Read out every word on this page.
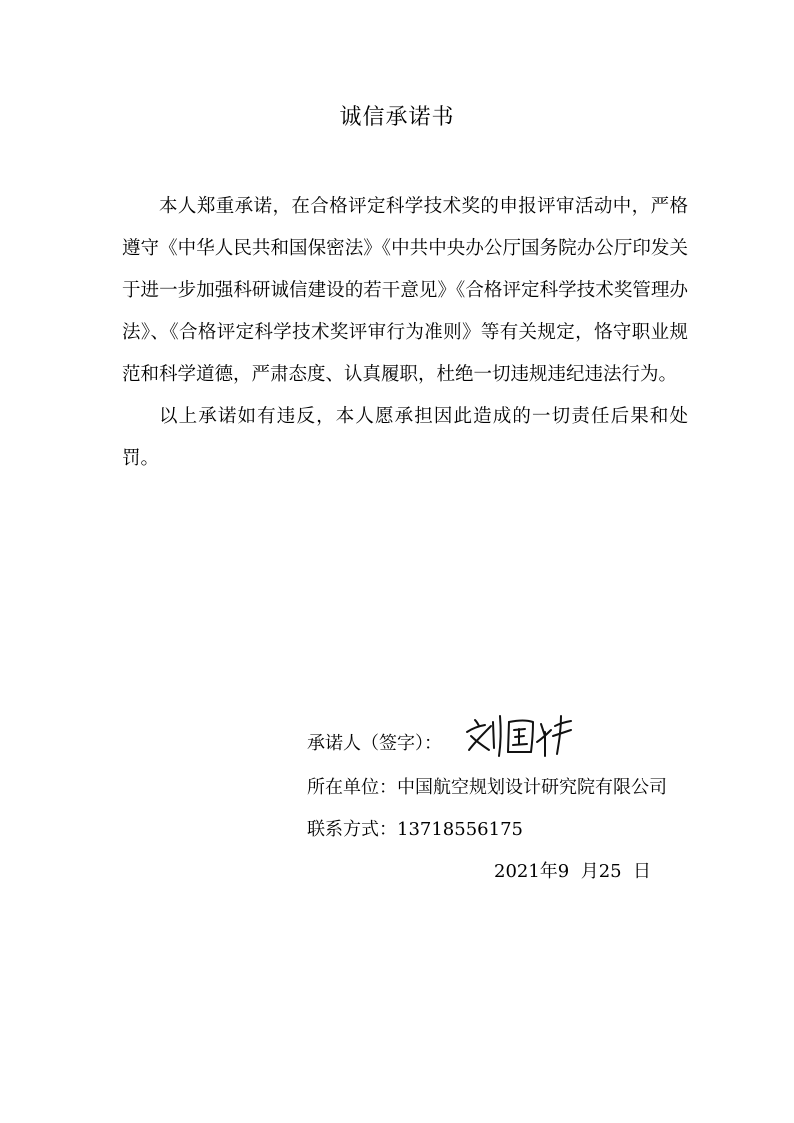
诚信承诺书

本人郑重承诺，在合格评定科学技术奖的申报评审活动中，严格遵守《中华人民共和国保密法》《中共中央办公厅国务院办公厅印发关于进一步加强科研诚信建设的若干意见》《合格评定科学技术奖管理办法》、《合格评定科学技术奖评审行为准则》等有关规定，恪守职业规范和科学道德，严肃态度、认真履职，杜绝一切违规违纪违法行为。

以上承诺如有违反，本人愿承担因此造成的一切责任后果和处罚。

承诺人（签字）：
所在单位：中国航空规划设计研究院有限公司
联系方式：13718556175
2021年9  月25  日
